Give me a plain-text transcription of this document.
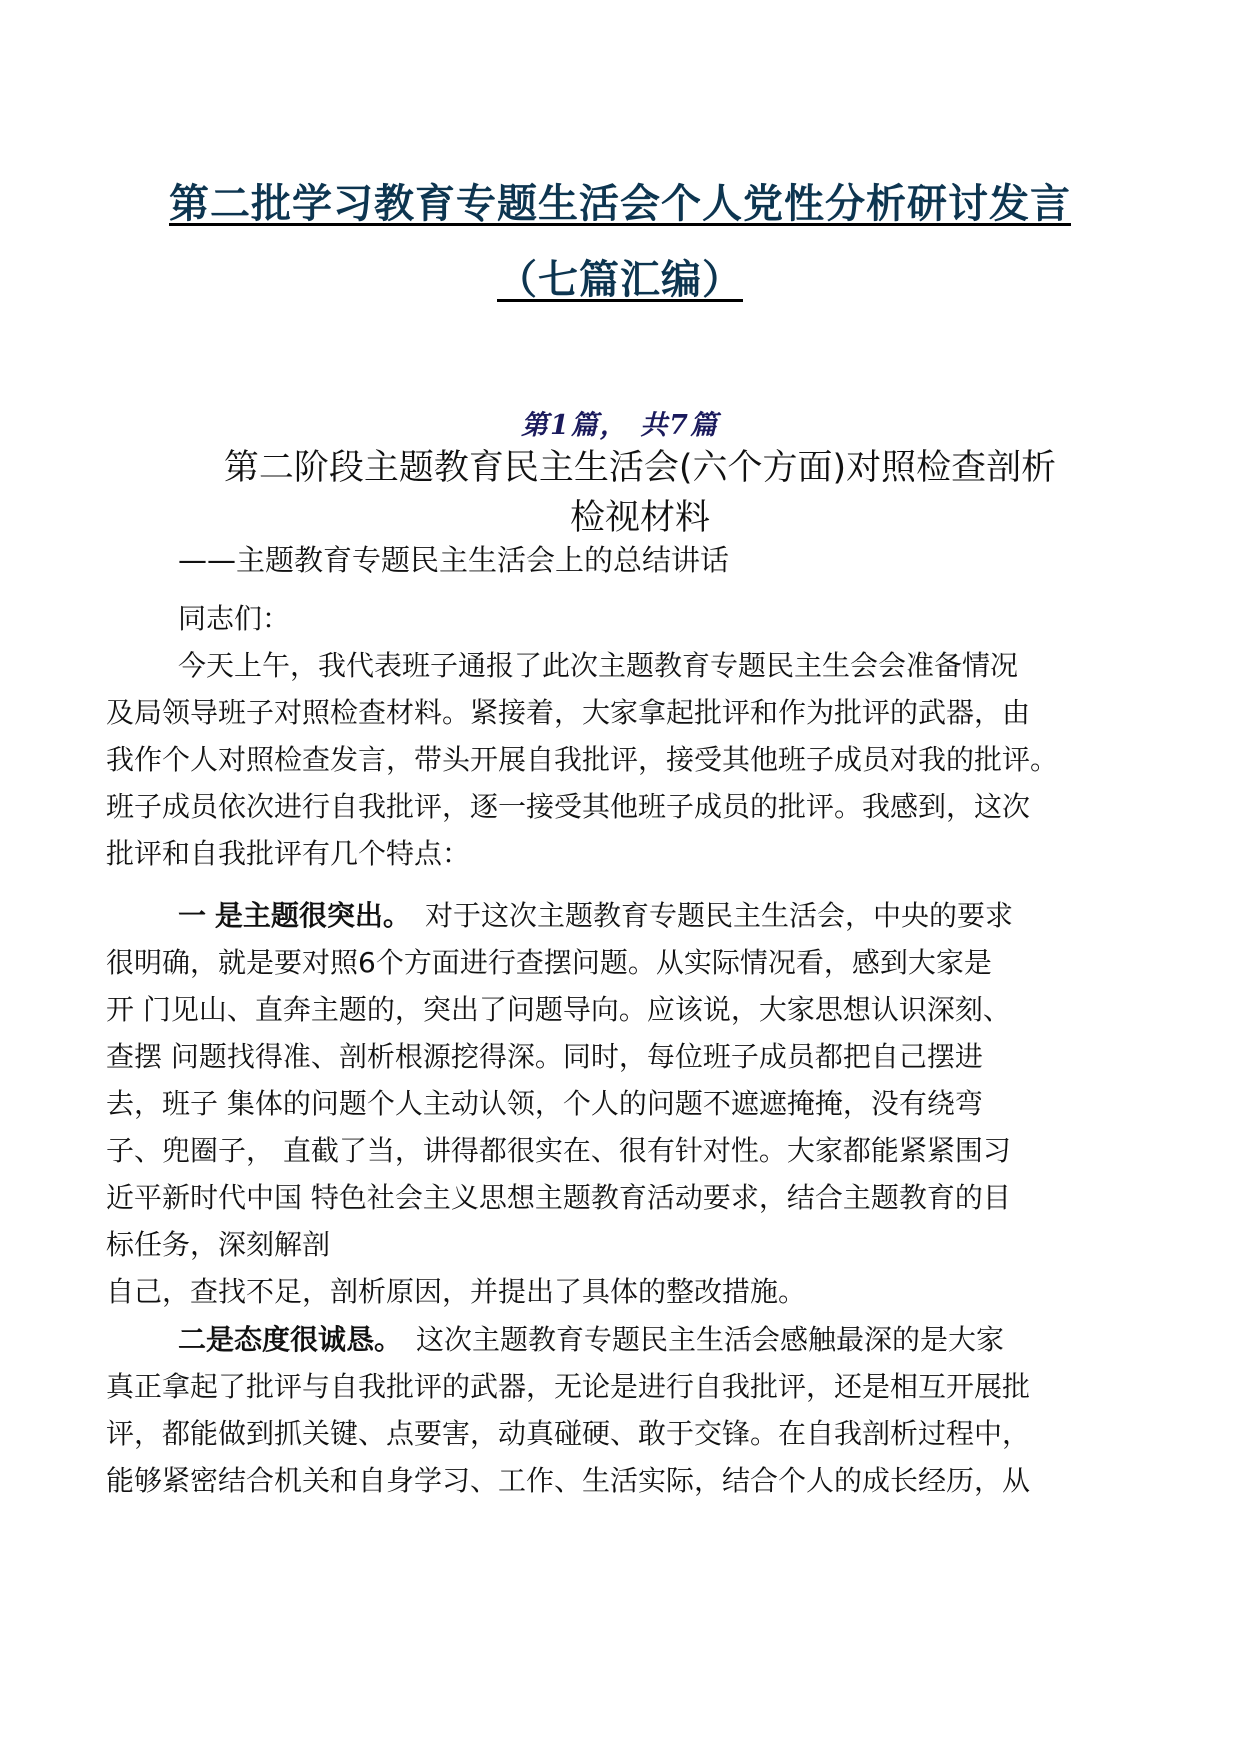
第二批学习教育专题生活会个人党性分析研讨发言
（七篇汇编）

第1篇， 共7篇

第二阶段主题教育民主生活会(六个方面)对照检查剖析
检视材料

——主题教育专题民主生活会上的总结讲话

同志们：

今天上午，我代表班子通报了此次主题教育专题民主生会会准备情况

及局领导班子对照检查材料。紧接着，大家拿起批评和作为批评的武器，由

我作个人对照检查发言，带头开展自我批评，接受其他班子成员对我的批评。

班子成员依次进行自我批评，逐一接受其他班子成员的批评。我感到，这次

批评和自我批评有几个特点：

一 是主题很突出。 对于这次主题教育专题民主生活会，中央的要求

很明确，就是要对照6个方面进行查摆问题。从实际情况看，感到大家是

开 门见山、直奔主题的，突出了问题导向。应该说，大家思想认识深刻、

查摆 问题找得准、剖析根源挖得深。同时，每位班子成员都把自己摆进

去，班子 集体的问题个人主动认领，个人的问题不遮遮掩掩，没有绕弯

子、兜圈子， 直截了当，讲得都很实在、很有针对性。大家都能紧紧围习

近平新时代中国 特色社会主义思想主题教育活动要求，结合主题教育的目

标任务，深刻解剖

自己，查找不足，剖析原因，并提出了具体的整改措施。

二是态度很诚恳。 这次主题教育专题民主生活会感触最深的是大家

真正拿起了批评与自我批评的武器，无论是进行自我批评，还是相互开展批

评，都能做到抓关键、点要害，动真碰硬、敢于交锋。在自我剖析过程中，

能够紧密结合机关和自身学习、工作、生活实际，结合个人的成长经历，从
